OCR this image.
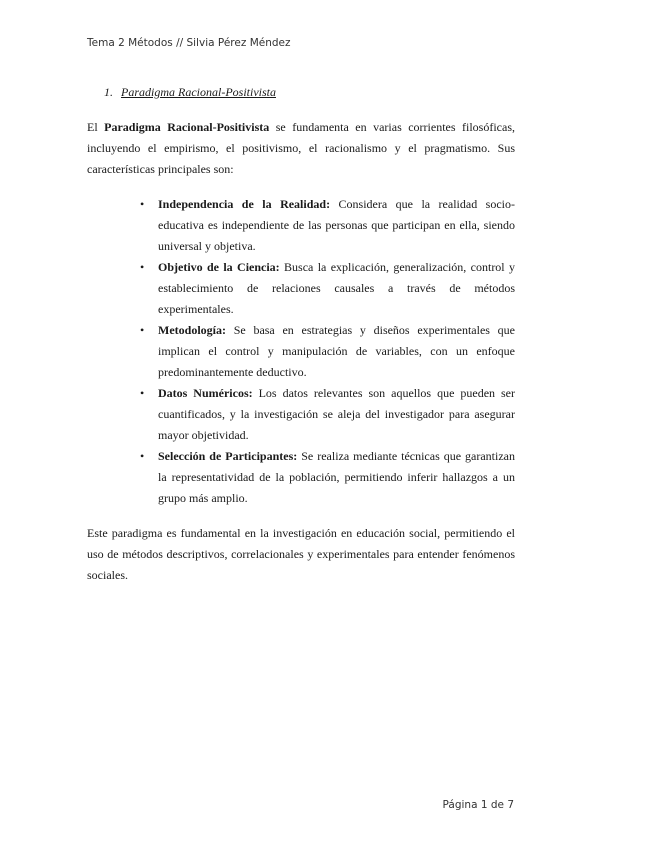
Tema 2 Métodos // Silvia Pérez Méndez
1. Paradigma Racional-Positivista

El Paradigma Racional-Positivista se fundamenta en varias corrientes filosóficas, incluyendo el empirismo, el positivismo, el racionalismo y el pragmatismo. Sus características principales son:

• Independencia de la Realidad: Considera que la realidad socio-educativa es independiente de las personas que participan en ella, siendo universal y objetiva.
• Objetivo de la Ciencia: Busca la explicación, generalización, control y establecimiento de relaciones causales a través de métodos experimentales.
• Metodología: Se basa en estrategias y diseños experimentales que implican el control y manipulación de variables, con un enfoque predominantemente deductivo.
• Datos Numéricos: Los datos relevantes son aquellos que pueden ser cuantificados, y la investigación se aleja del investigador para asegurar mayor objetividad.
• Selección de Participantes: Se realiza mediante técnicas que garantizan la representatividad de la población, permitiendo inferir hallazgos a un grupo más amplio.

Este paradigma es fundamental en la investigación en educación social, permitiendo el uso de métodos descriptivos, correlacionales y experimentales para entender fenómenos sociales.

Página 1 de 7
